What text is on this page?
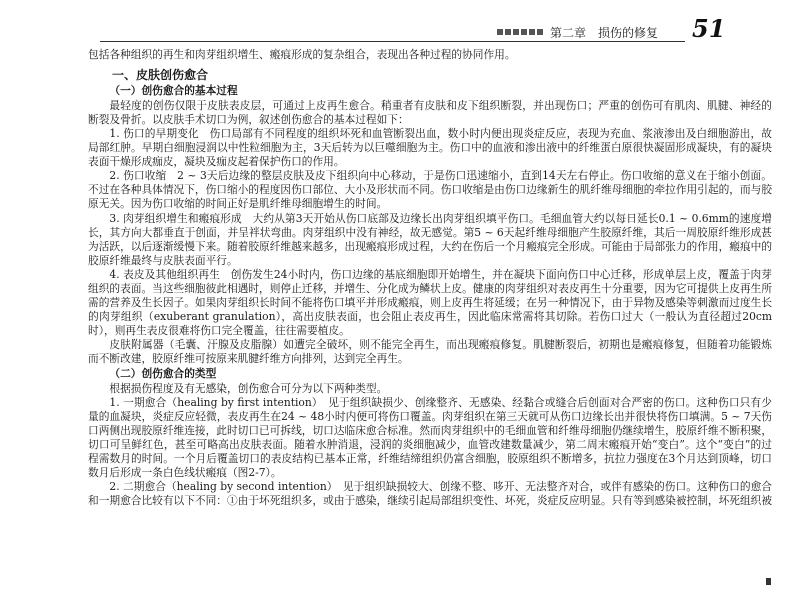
第二章　损伤的修复 51

包括各种组织的再生和肉芽组织增生、瘢痕形成的复杂组合，表现出各种过程的协同作用。

一、皮肤创伤愈合
（一）创伤愈合的基本过程

最轻度的创伤仅限于皮肤表皮层，可通过上皮再生愈合。稍重者有皮肤和皮下组织断裂，并出现伤口；严重的创伤可有肌肉、肌腱、神经的断裂及骨折。以皮肤手术切口为例，叙述创伤愈合的基本过程如下：

1. 伤口的早期变化　伤口局部有不同程度的组织坏死和血管断裂出血，数小时内便出现炎症反应，表现为充血、浆液渗出及白细胞游出，故局部红肿。早期白细胞浸润以中性粒细胞为主，3天后转为以巨噬细胞为主。伤口中的血液和渗出液中的纤维蛋白原很快凝固形成凝块，有的凝块表面干燥形成痂皮，凝块及痂皮起着保护伤口的作用。

2. 伤口收缩　2 ~ 3天后边缘的整层皮肤及皮下组织向中心移动，于是伤口迅速缩小，直到14天左右停止。伤口收缩的意义在于缩小创面。不过在各种具体情况下，伤口缩小的程度因伤口部位、大小及形状而不同。伤口收缩是由伤口边缘新生的肌纤维母细胞的牵拉作用引起的，而与胶原无关。因为伤口收缩的时间正好是肌纤维母细胞增生的时间。

3. 肉芽组织增生和瘢痕形成　大约从第3天开始从伤口底部及边缘长出肉芽组织填平伤口。毛细血管大约以每日延长0.1 ~ 0.6mm的速度增长，其方向大都垂直于创面，并呈袢状弯曲。肉芽组织中没有神经，故无感觉。第5 ~ 6天起纤维母细胞产生胶原纤维，其后一周胶原纤维形成甚为活跃，以后逐渐缓慢下来。随着胶原纤维越来越多，出现瘢痕形成过程，大约在伤后一个月瘢痕完全形成。可能由于局部张力的作用，瘢痕中的胶原纤维最终与皮肤表面平行。

4. 表皮及其他组织再生　创伤发生24小时内，伤口边缘的基底细胞即开始增生，并在凝块下面向伤口中心迁移，形成单层上皮，覆盖于肉芽组织的表面。当这些细胞彼此相遇时，则停止迁移，并增生、分化成为鳞状上皮。健康的肉芽组织对表皮再生十分重要，因为它可提供上皮再生所需的营养及生长因子。如果肉芽组织长时间不能将伤口填平并形成瘢痕，则上皮再生将延缓；在另一种情况下，由于异物及感染等刺激而过度生长的肉芽组织（exuberant granulation），高出皮肤表面，也会阻止表皮再生，因此临床常需将其切除。若伤口过大（一般认为直径超过20cm时），则再生表皮很难将伤口完全覆盖，往往需要植皮。

皮肤附属器（毛囊、汗腺及皮脂腺）如遭完全破坏，则不能完全再生，而出现瘢痕修复。肌腱断裂后，初期也是瘢痕修复，但随着功能锻炼而不断改建，胶原纤维可按原来肌腱纤维方向排列，达到完全再生。

（二）创伤愈合的类型

根据损伤程度及有无感染，创伤愈合可分为以下两种类型。

1. 一期愈合（healing by first intention）　见于组织缺损少、创缘整齐、无感染、经黏合或缝合后创面对合严密的伤口。这种伤口只有少量的血凝块，炎症反应轻微，表皮再生在24 ~ 48小时内便可将伤口覆盖。肉芽组织在第三天就可从伤口边缘长出并很快将伤口填满。5 ~ 7天伤口两侧出现胶原纤维连接，此时切口已可拆线，切口达临床愈合标准。然而肉芽组织中的毛细血管和纤维母细胞仍继续增生，胶原纤维不断积聚，切口可呈鲜红色，甚至可略高出皮肤表面。随着水肿消退，浸润的炎细胞减少，血管改建数量减少，第二周末瘢痕开始“变白”。这个“变白”的过程需数月的时间。一个月后覆盖切口的表皮结构已基本正常，纤维结缔组织仍富含细胞，胶原组织不断增多，抗拉力强度在3个月达到顶峰，切口数月后形成一条白色线状瘢痕（图2-7）。

2. 二期愈合（healing by second intention）　见于组织缺损较大、创缘不整、哆开、无法整齐对合，或伴有感染的伤口。这种伤口的愈合和一期愈合比较有以下不同：①由于坏死组织多，或由于感染，继续引起局部组织变性、坏死，炎症反应明显。只有等到感染被控制，坏死组织被
